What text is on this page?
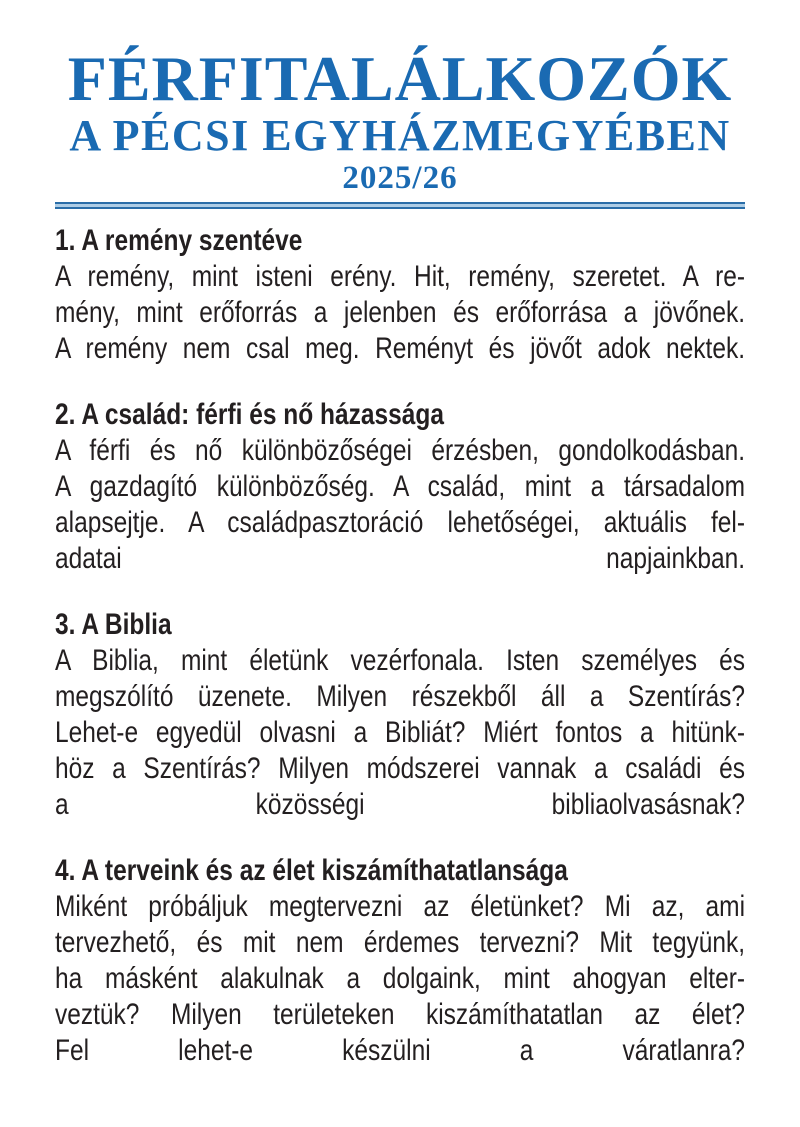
FÉRFITALÁLKOZÓK
A PÉCSI EGYHÁZMEGYÉBEN
2025/26
1. A remény szentéve
A remény, mint isteni erény. Hit, remény, szeretet. A re-
mény, mint erőforrás a jelenben és erőforrása a jövőnek.
A remény nem csal meg. Reményt és jövőt adok nektek.
2. A család: férfi és nő házassága
A férfi és nő különbözőségei érzésben, gondolkodásban.
A gazdagító különbözőség. A család, mint a társadalom
alapsejtje. A családpasztoráció lehetőségei, aktuális fel-
adatai napjainkban.
3. A Biblia
A Biblia, mint életünk vezérfonala. Isten személyes és
megszólító üzenete. Milyen részekből áll a Szentírás?
Lehet-e egyedül olvasni a Bibliát? Miért fontos a hitünk-
höz a Szentírás? Milyen módszerei vannak a családi és
a közösségi bibliaolvasásnak?
4. A terveink és az élet kiszámíthatatlansága
Miként próbáljuk megtervezni az életünket? Mi az, ami
tervezhető, és mit nem érdemes tervezni? Mit tegyünk,
ha másként alakulnak a dolgaink, mint ahogyan elter-
veztük? Milyen területeken kiszámíthatatlan az élet?
Fel lehet-e készülni a váratlanra?
